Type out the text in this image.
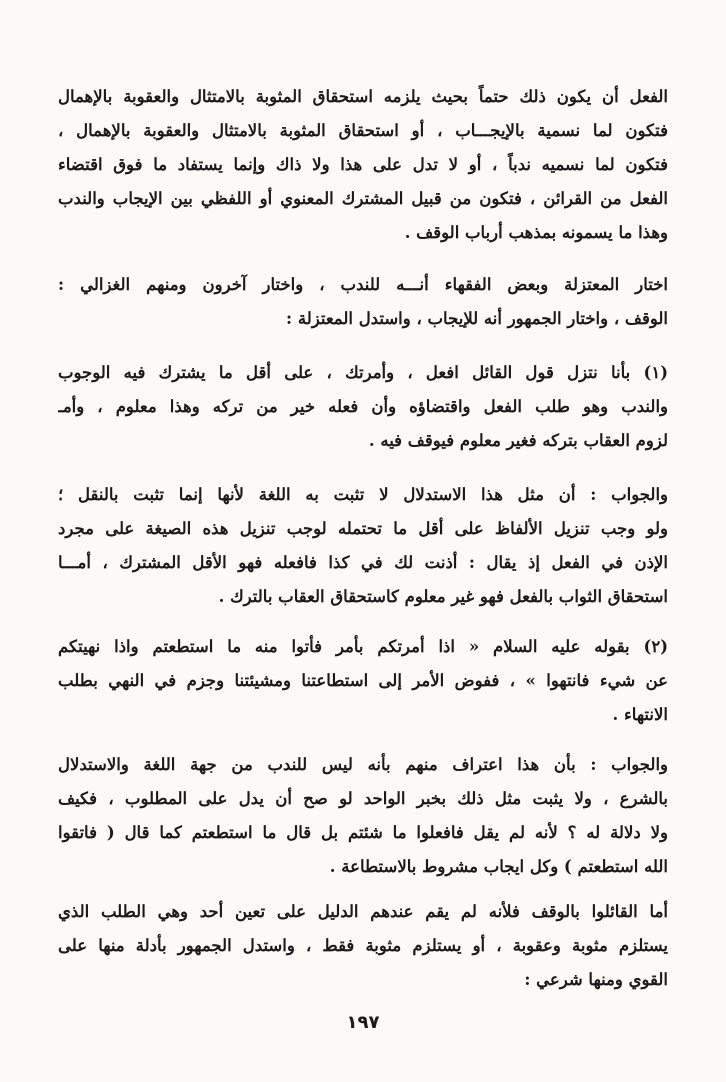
الفعل أن يكون ذلك حتماً بحيث يلزمه استحقاق المثوبة بالامتثال والعقوبة بالإهمال
فتكون لما نسمية بالإيجـــاب ، أو استحقاق المثوبة بالامتثال والعقوبة بالإهمال ،
فتكون لما نسميه ندباً ، أو لا تدل على هذا ولا ذاك وإنما يستفاد ما فوق اقتضاء
الفعل من القرائن ، فتكون من قبيل المشترك المعنوي أو اللفظي بين الإيجاب والندب
وهذا ما يسمونه بمذهب أرباب الوقف .
اختار المعتزلة وبعض الفقهاء أنـــه للندب ، واختار آخرون ومنهم الغزالي :
الوقف ، واختار الجمهور أنه للإيجاب ، واستدل المعتزلة :
(١) بأنا نتزل قول القائل افعل ، وأمرتك ، على أقل ما يشترك فيه الوجوب
والندب وهو طلب الفعل واقتضاؤه وأن فعله خير من تركه وهذا معلوم ، وأمـ
لزوم العقاب بتركه فغير معلوم فيوقف فيه .
والجواب : أن مثل هذا الاستدلال لا تثبت به اللغة لأنها إنما تثبت بالنقل ؛
ولو وجب تنزيل الألفاظ على أقل ما تحتمله لوجب تنزيل هذه الصيغة على مجرد
الإذن في الفعل إذ يقال : أذنت لك في كذا فافعله فهو الأقل المشترك ، أمـــا
استحقاق الثواب بالفعل فهو غير معلوم كاستحقاق العقاب بالترك .
(٢) بقوله عليه السلام « اذا أمرتكم بأمر فأتوا منه ما استطعتم واذا نهيتكم
عن شيء فانتهوا » ، ففوض الأمر إلى استطاعتنا ومشيئتنا وجزم في النهي بطلب
الانتهاء .
والجواب : بأن هذا اعتراف منهم بأنه ليس للندب من جهة اللغة والاستدلال
بالشرع ، ولا يثبت مثل ذلك بخبر الواحد لو صح أن يدل على المطلوب ، فكيف
ولا دلالة له ؟ لأنه لم يقل فافعلوا ما شئتم بل قال ما استطعتم كما قال ( فاتقوا
الله استطعتم ) وكل ايجاب مشروط بالاستطاعة .
أما القائلوا بالوقف فلأنه لم يقم عندهم الدليل على تعين أحد وهي الطلب الذي
يستلزم مثوبة وعقوبة ، أو يستلزم مثوبة فقط ، واستدل الجمهور بأدلة منها على
القوي ومنها شرعي :
١٩٧
